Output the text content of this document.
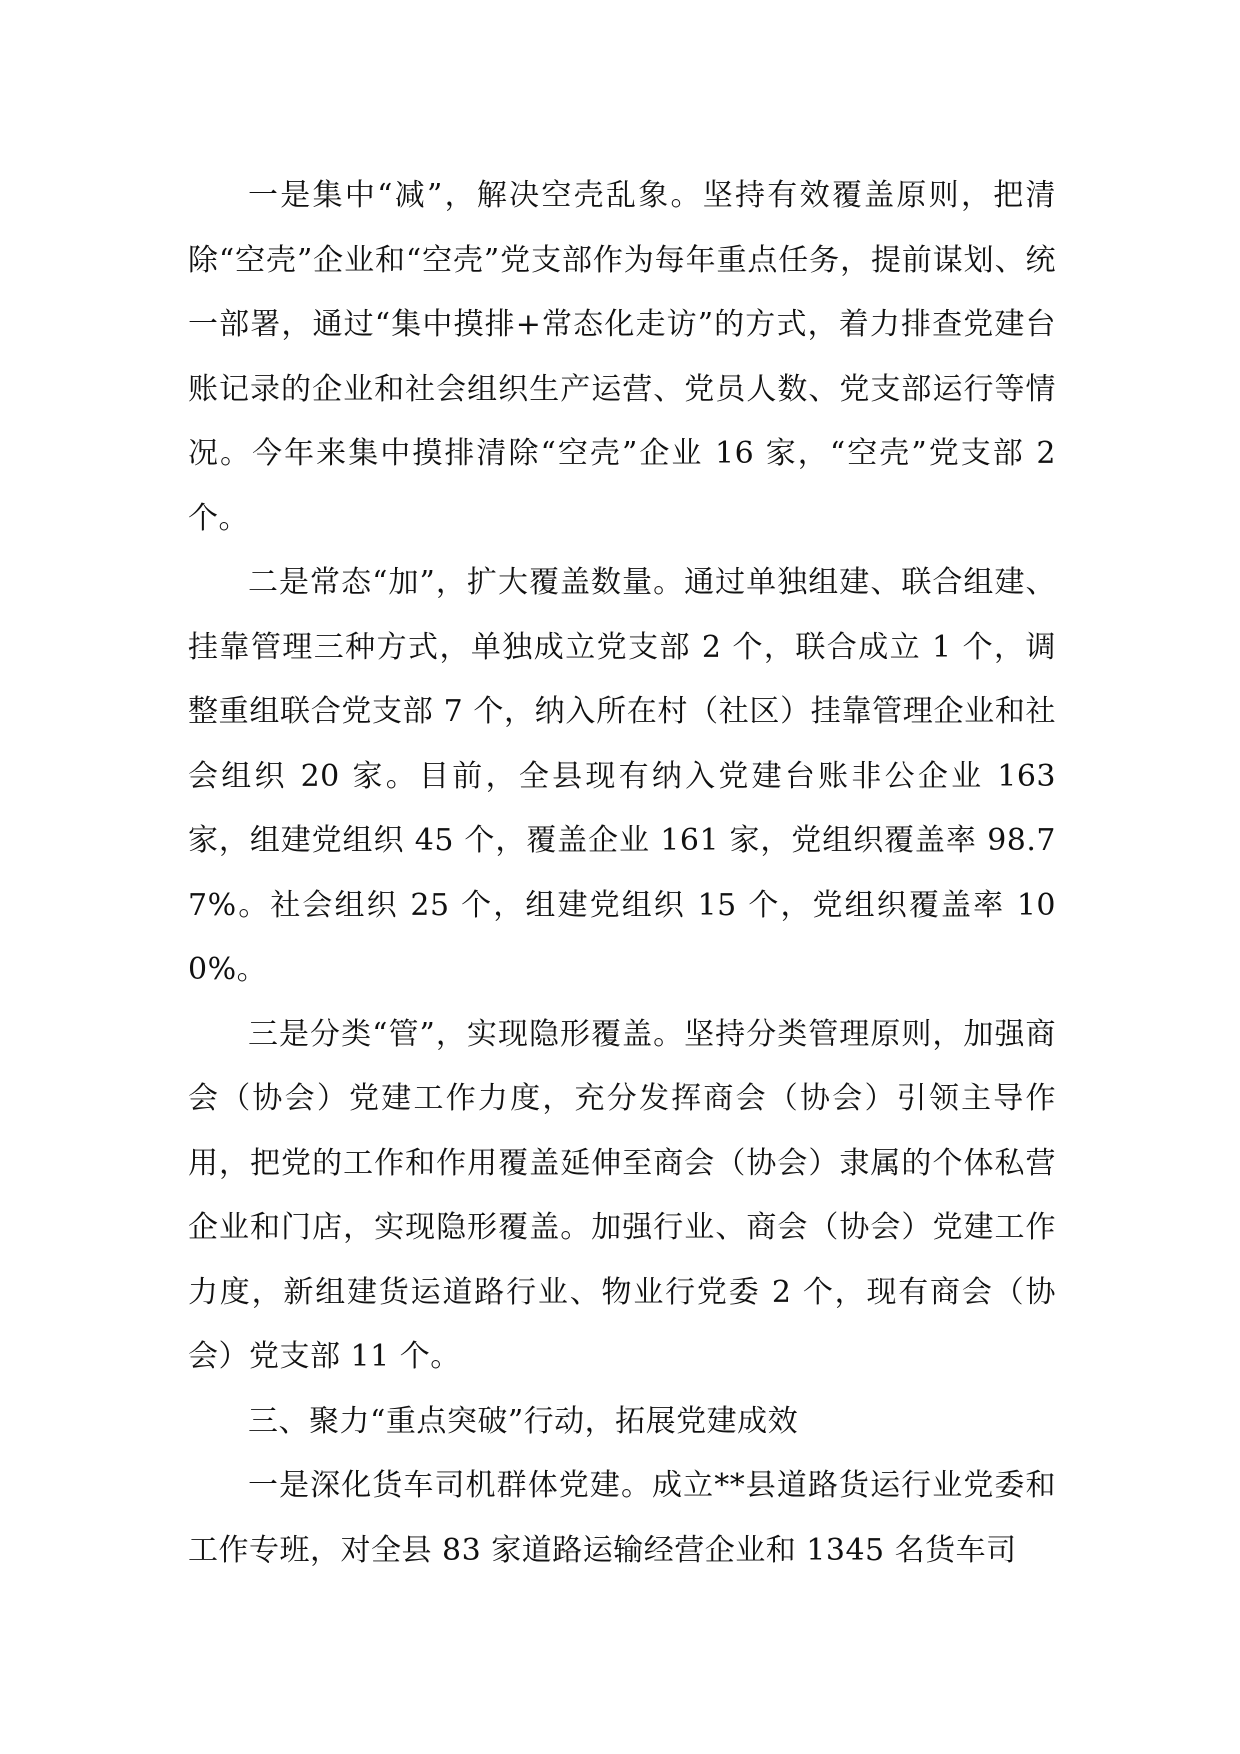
一是集中“减”，解决空壳乱象。坚持有效覆盖原则，把清除“空壳”企业和“空壳”党支部作为每年重点任务，提前谋划、统一部署，通过“集中摸排+常态化走访”的方式，着力排查党建台账记录的企业和社会组织生产运营、党员人数、党支部运行等情况。今年来集中摸排清除“空壳”企业 16 家，“空壳”党支部 2 个。

二是常态“加”，扩大覆盖数量。通过单独组建、联合组建、挂靠管理三种方式，单独成立党支部 2 个，联合成立 1 个，调整重组联合党支部 7 个，纳入所在村（社区）挂靠管理企业和社会组织 20 家。目前，全县现有纳入党建台账非公企业 163 家，组建党组织 45 个，覆盖企业 161 家，党组织覆盖率 98.77%。社会组织 25 个，组建党组织 15 个，党组织覆盖率 100%。

三是分类“管”，实现隐形覆盖。坚持分类管理原则，加强商会（协会）党建工作力度，充分发挥商会（协会）引领主导作用，把党的工作和作用覆盖延伸至商会（协会）隶属的个体私营企业和门店，实现隐形覆盖。加强行业、商会（协会）党建工作力度，新组建货运道路行业、物业行党委 2 个，现有商会（协会）党支部 11 个。

三、聚力“重点突破”行动，拓展党建成效

一是深化货车司机群体党建。成立**县道路货运行业党委和工作专班，对全县 83 家道路运输经营企业和 1345 名货车司
